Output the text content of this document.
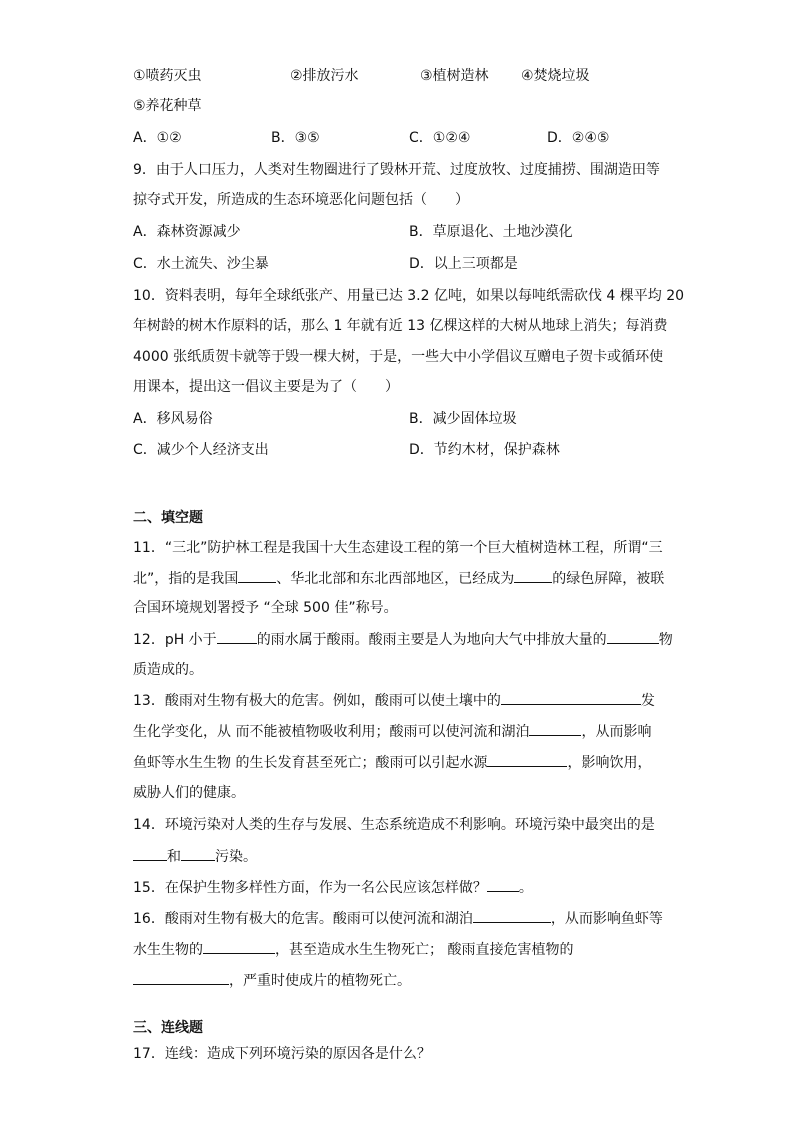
①喷药灭虫	②排放污水	③植树造林 ④焚烧垃圾
⑤养花种草
A．①②	B．③⑤	C．①②④	D．②④⑤
9．由于人口压力，人类对生物圈进行了毁林开荒、过度放牧、过度捕捞、围湖造田等
掠夺式开发，所造成的生态环境恶化问题包括（　　）
A．森林资源减少	B．草原退化、土地沙漠化
C．水土流失、沙尘暴	D．以上三项都是
10．资料表明，每年全球纸张产、用量已达 3.2 亿吨，如果以每吨纸需砍伐 4 棵平均 20
年树龄的树木作原料的话，那么 1 年就有近 13 亿棵这样的大树从地球上消失；每消费
4000 张纸质贺卡就等于毁一棵大树，于是，一些大中小学倡议互赠电子贺卡或循环使
用课本，提出这一倡议主要是为了（　　）
A．移风易俗	B．减少固体垃圾
C．减少个人经济支出	D．节约木材，保护森林
二、填空题
11．“三北”防护林工程是我国十大生态建设工程的第一个巨大植树造林工程，所谓“三
北”，指的是我国	、华北北部和东北西部地区，已经成为	的绿色屏障，被联
合国环境规划署授予 “全球 500 佳”称号。
12．pH 小于	的雨水属于酸雨。酸雨主要是人为地向大气中排放大量的	物
质造成的。
13．酸雨对生物有极大的危害。例如，酸雨可以使土壤中的	发
生化学变化，从 而不能被植物吸收利用；酸雨可以使河流和湖泊	，从而影响
鱼虾等水生生物 的生长发育甚至死亡；酸雨可以引起水源	，影响饮用，
威胁人们的健康。
14．环境污染对人类的生存与发展、生态系统造成不利影响。环境污染中最突出的是
和 污染。
15．在保护生物多样性方面，作为一名公民应该怎样做？ 。
16．酸雨对生物有极大的危害。酸雨可以使河流和湖泊	，从而影响鱼虾等
水生生物的	，甚至造成水生生物死亡； 酸雨直接危害植物的
，严重时使成片的植物死亡。
三、连线题
17．连线：造成下列环境污染的原因各是什么？
